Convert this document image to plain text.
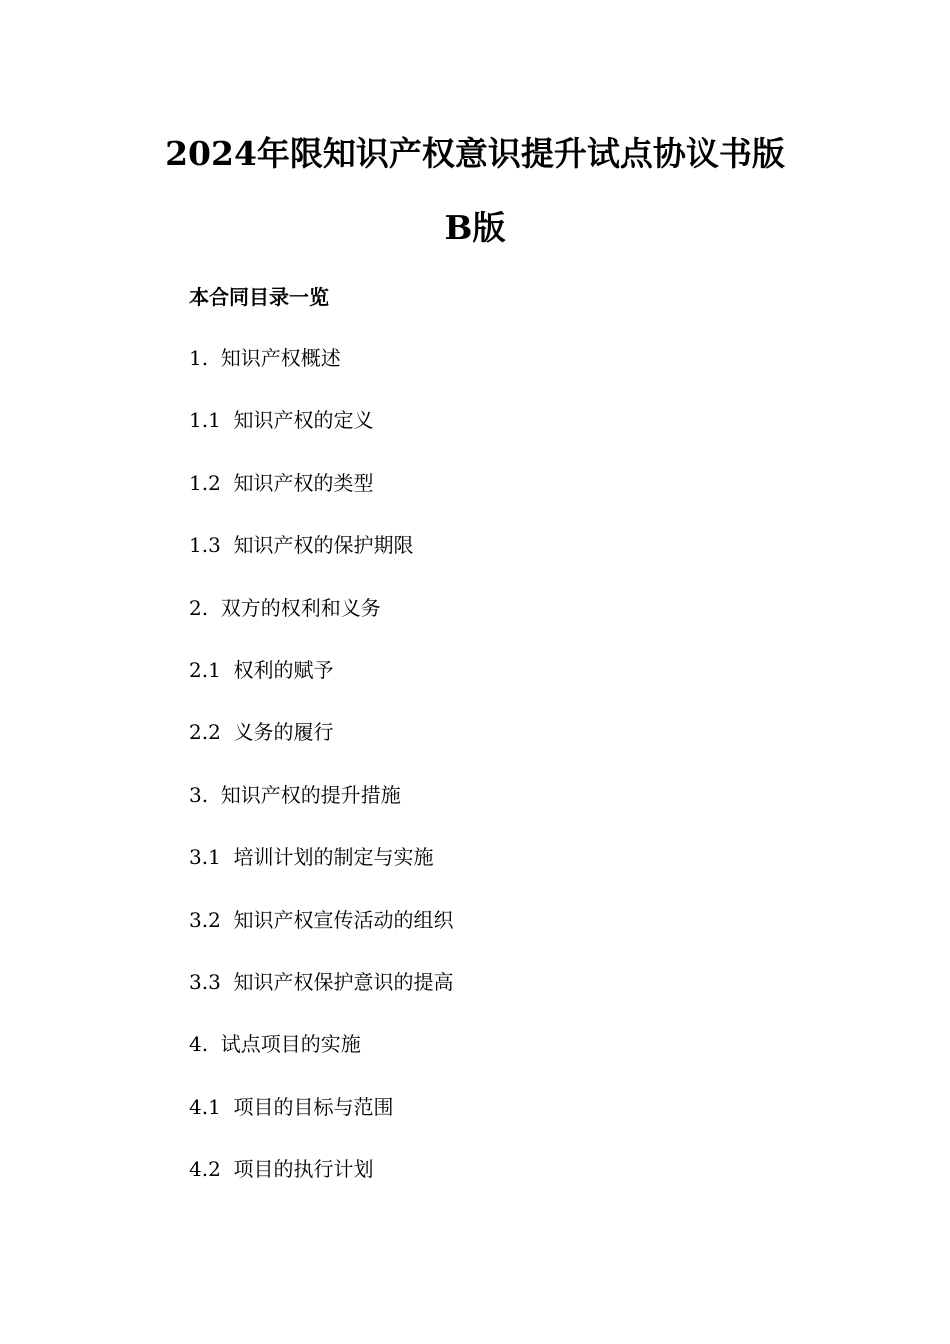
2024年限知识产权意识提升试点协议书版
B版
本合同目录一览
1.  知识产权概述
1.1  知识产权的定义
1.2  知识产权的类型
1.3  知识产权的保护期限
2.  双方的权利和义务
2.1  权利的赋予
2.2  义务的履行
3.  知识产权的提升措施
3.1  培训计划的制定与实施
3.2  知识产权宣传活动的组织
3.3  知识产权保护意识的提高
4.  试点项目的实施
4.1  项目的目标与范围
4.2  项目的执行计划
